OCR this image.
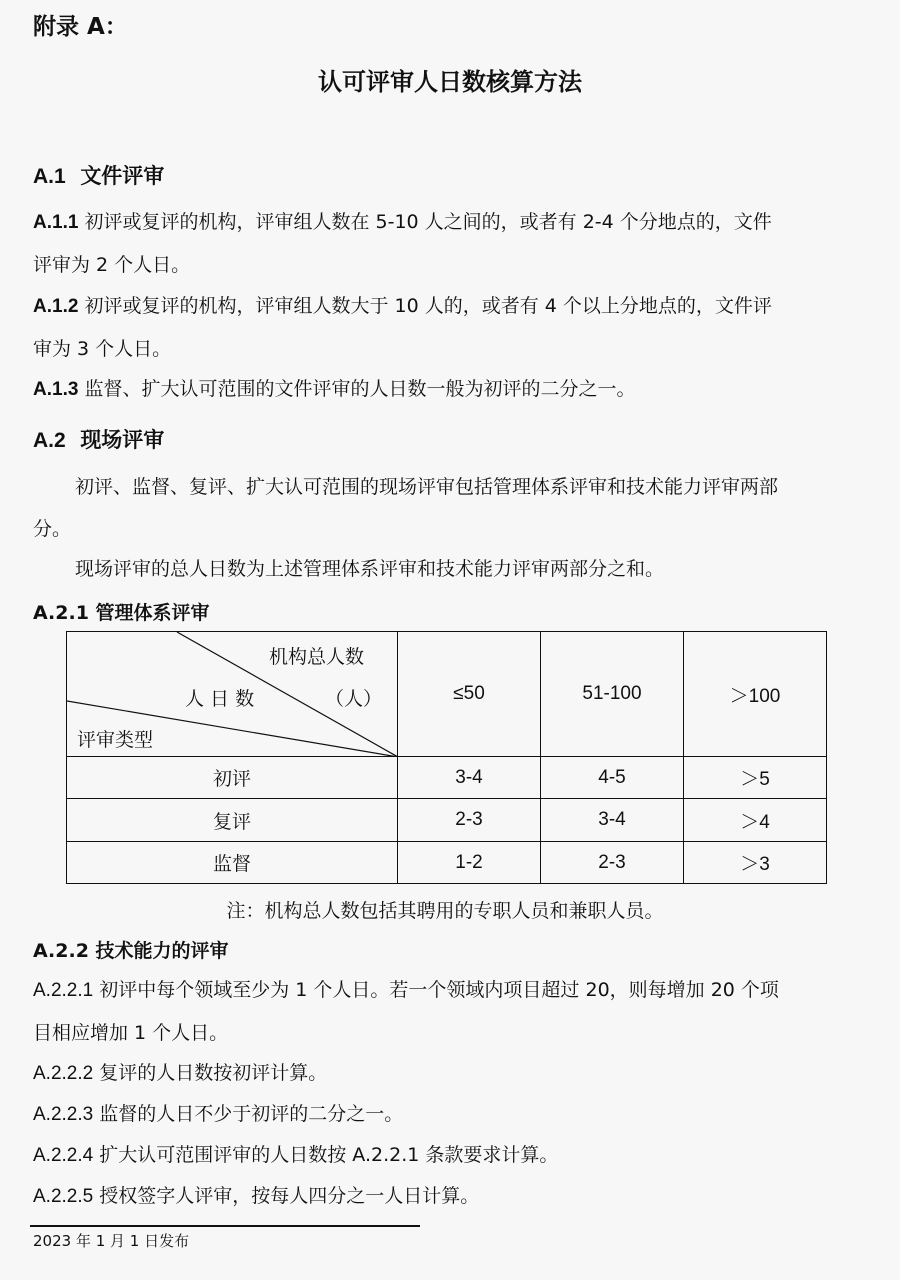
附录 A：
认可评审人日数核算方法
A.1 文件评审
A.1.1 初评或复评的机构，评审组人数在 5-10 人之间的，或者有 2-4 个分地点的，文件
评审为 2 个人日。
A.1.2 初评或复评的机构，评审组人数大于 10 人的，或者有 4 个以上分地点的，文件评
审为 3 个人日。
A.1.3 监督、扩大认可范围的文件评审的人日数一般为初评的二分之一。
A.2 现场评审
初评、监督、复评、扩大认可范围的现场评审包括管理体系评审和技术能力评审两部
分。
现场评审的总人日数为上述管理体系评审和技术能力评审两部分之和。
A.2.1 管理体系评审
机构总人数
人 日 数 （人）
评审类型	≤50	51-100	＞100
初评	3-4	4-5	＞5
复评	2-3	3-4	＞4
监督	1-2	2-3	＞3
注：机构总人数包括其聘用的专职人员和兼职人员。
A.2.2 技术能力的评审
A.2.2.1 初评中每个领域至少为 1 个人日。若一个领域内项目超过 20，则每增加 20 个项
目相应增加 1 个人日。
A.2.2.2 复评的人日数按初评计算。
A.2.2.3 监督的人日不少于初评的二分之一。
A.2.2.4 扩大认可范围评审的人日数按 A.2.2.1 条款要求计算。
A.2.2.5 授权签字人评审，按每人四分之一人日计算。
2023 年 1 月 1 日发布
